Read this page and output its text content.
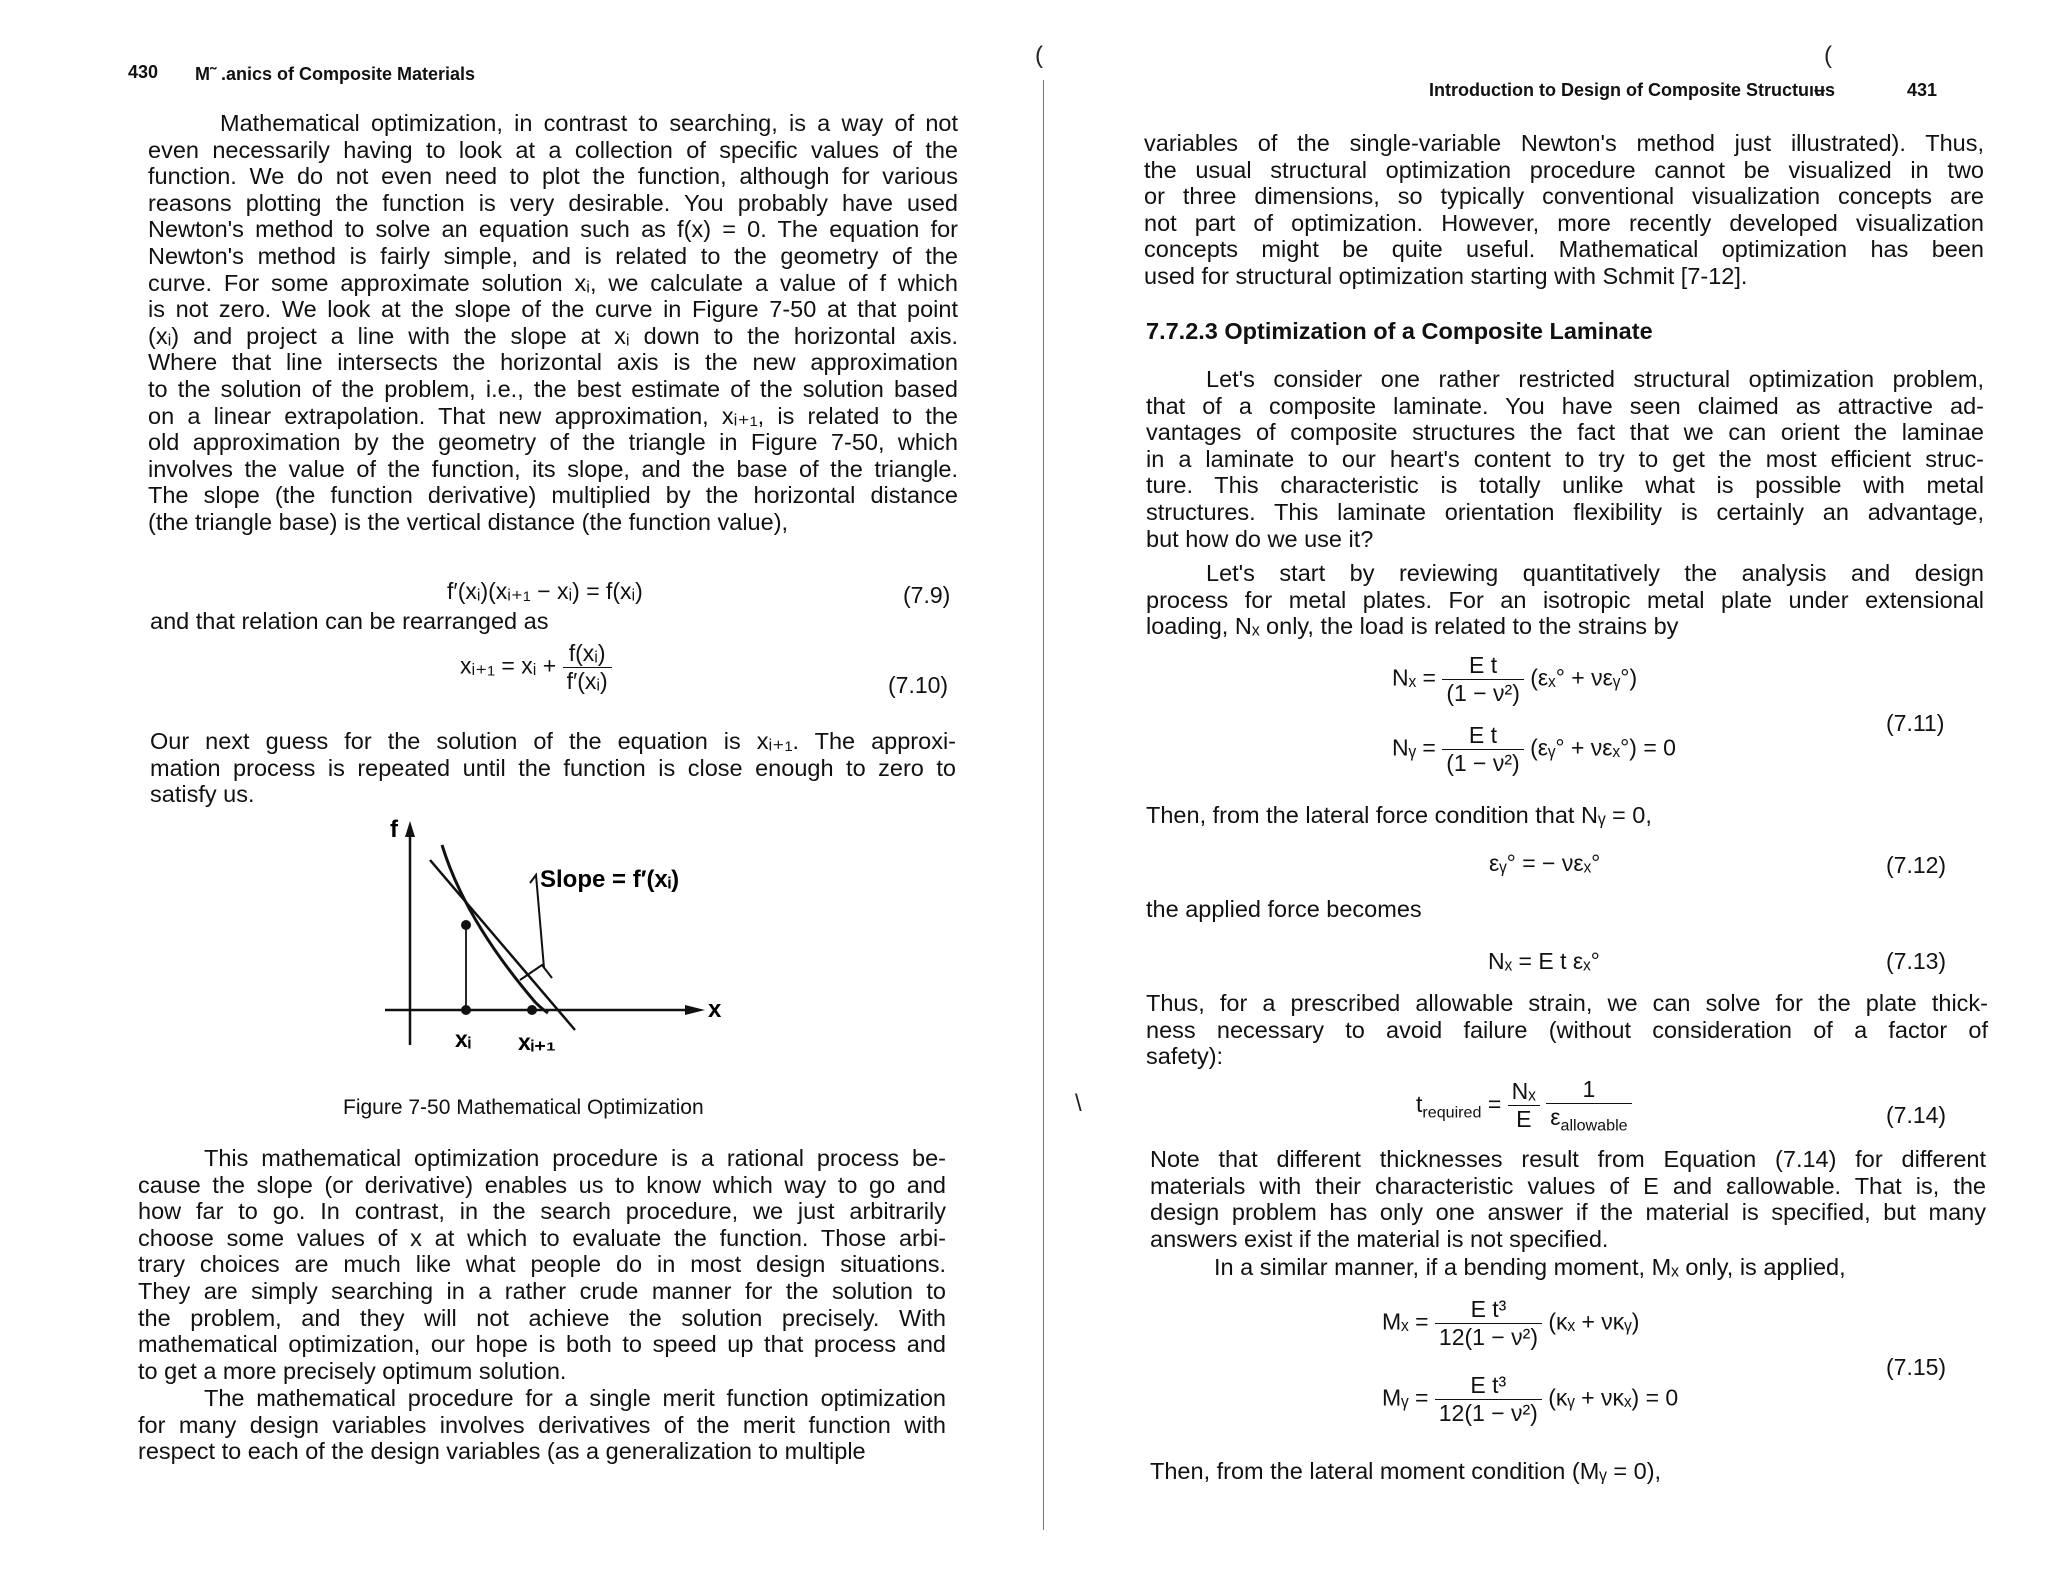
430 M˜ .anics of Composite Materials
Mathematical optimization, in contrast to searching, is a way of not
even necessarily having to look at a collection of specific values of the
function. We do not even need to plot the function, although for various
reasons plotting the function is very desirable. You probably have used
Newton's method to solve an equation such as f(x) = 0. The equation for
Newton's method is fairly simple, and is related to the geometry of the
curve. For some approximate solution xᵢ, we calculate a value of f which
is not zero. We look at the slope of the curve in Figure 7-50 at that point
(xᵢ) and project a line with the slope at xᵢ down to the horizontal axis.
Where that line intersects the horizontal axis is the new approximation
to the solution of the problem, i.e., the best estimate of the solution based
on a linear extrapolation. That new approximation, xᵢ₊₁, is related to the
old approximation by the geometry of the triangle in Figure 7-50, which
involves the value of the function, its slope, and the base of the triangle.
The slope (the function derivative) multiplied by the horizontal distance
(the triangle base) is the vertical distance (the function value),
f′(xᵢ)(xᵢ₊₁ − xᵢ) = f(xᵢ)	(7.9)
and that relation can be rearranged as
xᵢ₊₁ = xᵢ + $\frac{\text{f(xᵢ)}}{\text{f′(xᵢ)}}$	(7.10)
Our next guess for the solution of the equation is xᵢ₊₁. The approxi-
mation process is repeated until the function is close enough to zero to
satisfy us.
f
x
Slope = f′(xᵢ)
xᵢ xᵢ₊₁
Figure 7-50 Mathematical Optimization
This mathematical optimization procedure is a rational process be-
cause the slope (or derivative) enables us to know which way to go and
how far to go. In contrast, in the search procedure, we just arbitrarily
choose some values of x at which to evaluate the function. Those arbi-
trary choices are much like what people do in most design situations.
They are simply searching in a rather crude manner for the solution to
the problem, and they will not achieve the solution precisely. With
mathematical optimization, our hope is both to speed up that process and
to get a more precisely optimum solution.
The mathematical procedure for a single merit function optimization
for many design variables involves derivatives of the merit function with
respect to each of the design variables (as a generalization to multiple
(
\
(
Introduction to Design of Composite Structuıʉs	431
variables of the single-variable Newton's method just illustrated). Thus,
the usual structural optimization procedure cannot be visualized in two
or three dimensions, so typically conventional visualization concepts are
not part of optimization. However, more recently developed visualization
concepts might be quite useful. Mathematical optimization has been
used for structural optimization starting with Schmit [7-12].
7.7.2.3 Optimization of a Composite Laminate
Let's consider one rather restricted structural optimization problem,
that of a composite laminate. You have seen claimed as attractive ad-
vantages of composite structures the fact that we can orient the laminae
in a laminate to our heart's content to try to get the most efficient struc-
ture. This characteristic is totally unlike what is possible with metal
structures. This laminate orientation flexibility is certainly an advantage,
but how do we use it?
Let's start by reviewing quantitatively the analysis and design
process for metal plates. For an isotropic metal plate under extensional
loading, Nₓ only, the load is related to the strains by
$N_x = \frac{\text{E t}}{\text{(1 − ν²)}} (\varepsilon_x^\circ$ + νεᵧ°)
Nᵧ = $\frac{\text{E t}}{\text{(1 − ν²)}}$ (εᵧ° + νεₓ°) = 0
(7.11)
Then, from the lateral force condition that Nᵧ = 0,
εᵧ° = − νεₓ°	(7.12)
the applied force becomes
Nₓ = E t εₓ°	(7.13)
Thus, for a prescribed allowable strain, we can solve for the plate thick-
ness necessary to avoid failure (without consideration of a factor of
safety):
$t_{required} = \frac{\text{Nₓ}}{E}$
$\frac{1}{\varepsilon_{allowable}}$	(7.14)
Note that different thicknesses result from Equation (7.14) for different
materials with their characteristic values of E and εallowable. That is, the
design problem has only one answer if the material is specified, but many
answers exist if the material is not specified.
In a similar manner, if a bending moment, Mₓ only, is applied,
$M_x = \frac{\text{E t³}}{\text{12(1 − ν²)}} (\kappa_x$ + νκᵧ)
Mᵧ = $\frac{\text{E t³}}{\text{12(1 − ν²)}}$ (κᵧ + νκₓ) = 0
(7.15)
Then, from the lateral moment condition (Mᵧ = 0),
